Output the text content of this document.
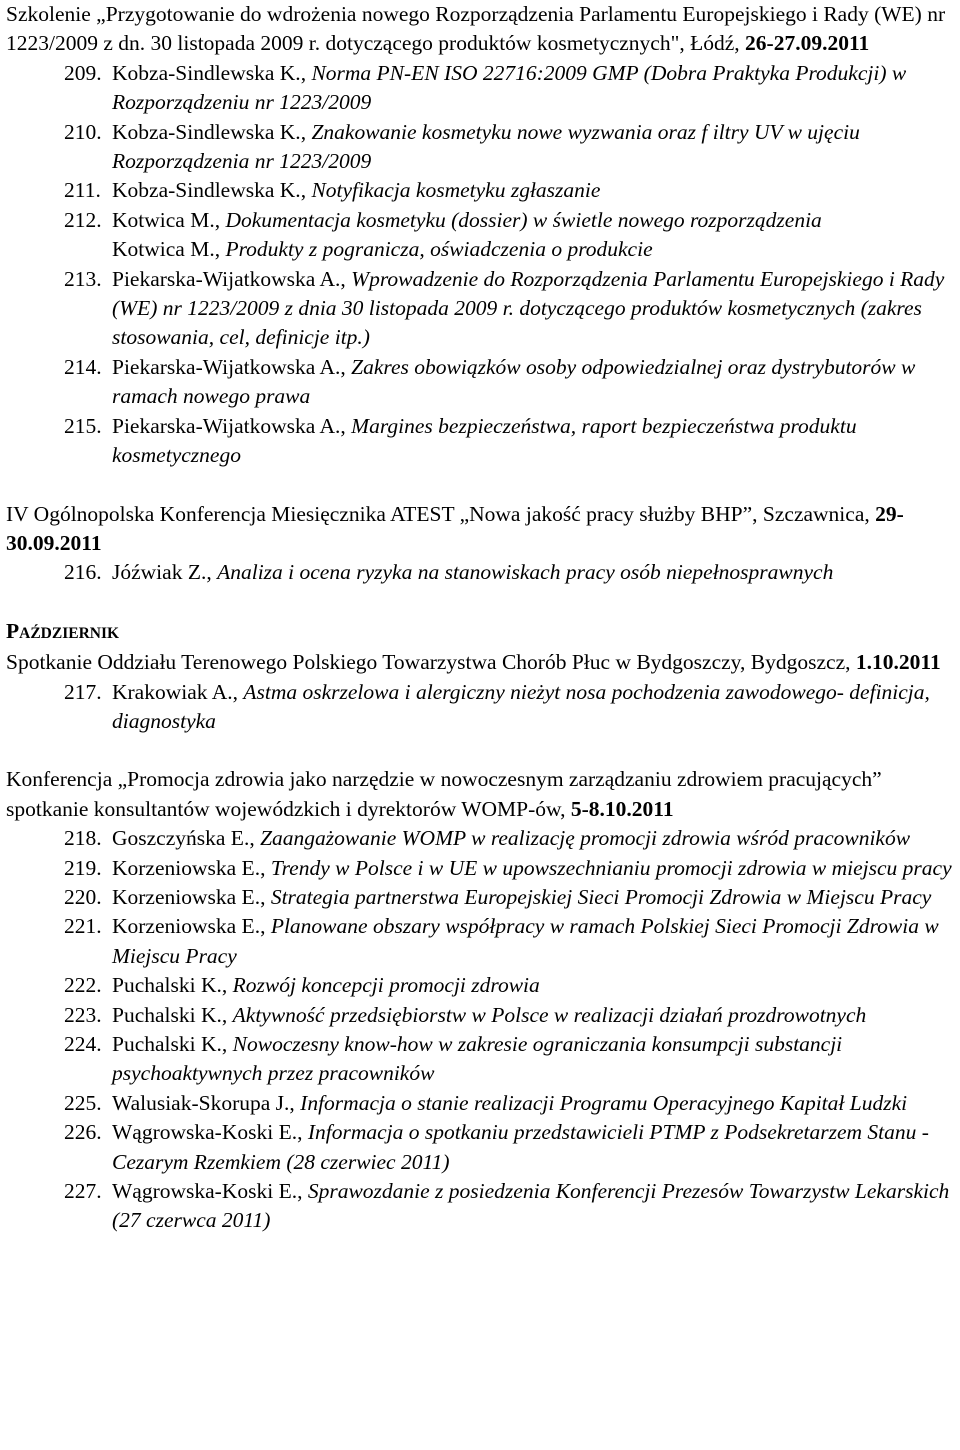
Szkolenie „Przygotowanie do wdrożenia nowego Rozporządzenia Parlamentu Europejskiego i Rady (WE) nr 1223/2009 z dn. 30 listopada 2009 r. dotyczącego produktów kosmetycznych", Łódź, 26-27.09.2011

209. Kobza-Sindlewska K., Norma PN-EN ISO 22716:2009 GMP (Dobra Praktyka Produkcji) w Rozporządzeniu nr 1223/2009

210. Kobza-Sindlewska K., Znakowanie kosmetyku nowe wyzwania oraz f iltry UV w ujęciu Rozporządzenia nr 1223/2009

211. Kobza-Sindlewska K., Notyfikacja kosmetyku zgłaszanie

212. Kotwica M., Dokumentacja kosmetyku (dossier) w świetle nowego rozporządzenia

Kotwica M., Produkty z pogranicza, oświadczenia o produkcie

213. Piekarska-Wijatkowska A., Wprowadzenie do Rozporządzenia Parlamentu Europejskiego i Rady (WE) nr 1223/2009 z dnia 30 listopada 2009 r. dotyczącego produktów kosmetycznych (zakres stosowania, cel, definicje itp.)

214. Piekarska-Wijatkowska A., Zakres obowiązków osoby odpowiedzialnej oraz dystrybutorów w ramach nowego prawa

215. Piekarska-Wijatkowska A., Margines bezpieczeństwa, raport bezpieczeństwa produktu kosmetycznego

IV Ogólnopolska Konferencja Miesięcznika ATEST „Nowa jakość pracy służby BHP”, Szczawnica, 29-30.09.2011

216. Jóźwiak Z., Analiza i ocena ryzyka na stanowiskach pracy osób niepełnosprawnych

PAŹDZIERNIK

Spotkanie Oddziału Terenowego Polskiego Towarzystwa Chorób Płuc w Bydgoszczy, Bydgoszcz, 1.10.2011

217. Krakowiak A., Astma oskrzelowa i alergiczny nieżyt nosa pochodzenia zawodowego- definicja, diagnostyka

Konferencja „Promocja zdrowia jako narzędzie w nowoczesnym zarządzaniu zdrowiem pracujących” spotkanie konsultantów wojewódzkich i dyrektorów WOMP-ów, 5-8.10.2011

218. Goszczyńska E., Zaangażowanie WOMP w realizację promocji zdrowia wśród pracowników

219. Korzeniowska E., Trendy w Polsce i w UE w upowszechnianiu promocji zdrowia w miejscu pracy

220. Korzeniowska E., Strategia partnerstwa Europejskiej Sieci Promocji Zdrowia w Miejscu Pracy

221. Korzeniowska E., Planowane obszary współpracy w ramach Polskiej Sieci Promocji Zdrowia w Miejscu Pracy

222. Puchalski K., Rozwój koncepcji promocji zdrowia

223. Puchalski K., Aktywność przedsiębiorstw w Polsce w realizacji działań prozdrowotnych

224. Puchalski K., Nowoczesny know-how w zakresie ograniczania konsumpcji substancji psychoaktywnych przez pracowników

225. Walusiak-Skorupa J., Informacja o stanie realizacji Programu Operacyjnego Kapitał Ludzki

226. Wągrowska-Koski E., Informacja o spotkaniu przedstawicieli PTMP z Podsekretarzem Stanu - Cezarym Rzemkiem (28 czerwiec 2011)

227. Wągrowska-Koski E., Sprawozdanie z posiedzenia Konferencji Prezesów Towarzystw Lekarskich (27 czerwca 2011)
